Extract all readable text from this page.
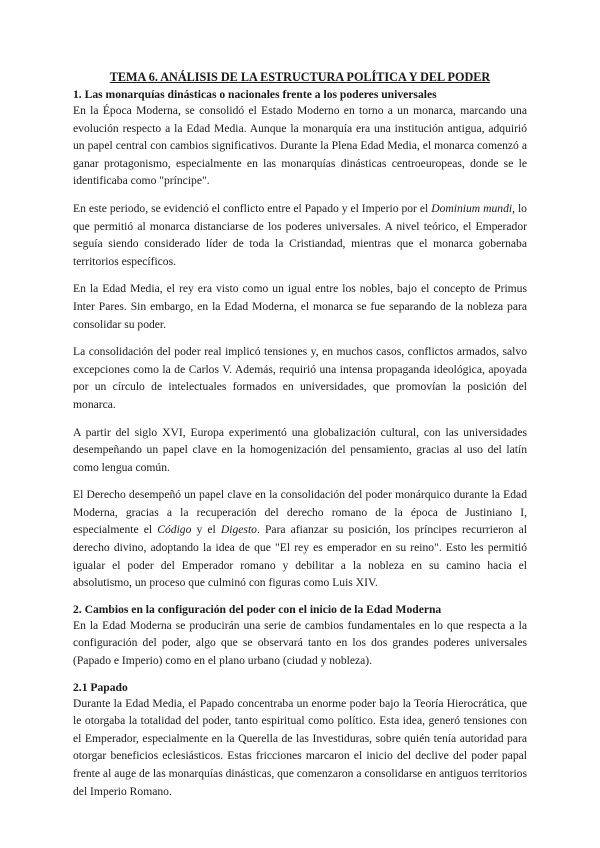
TEMA 6. ANÁLISIS DE LA ESTRUCTURA POLÍTICA Y DEL PODER
1. Las monarquías dinásticas o nacionales frente a los poderes universales

En la Época Moderna, se consolidó el Estado Moderno en torno a un monarca, marcando una evolución respecto a la Edad Media. Aunque la monarquía era una institución antigua, adquirió un papel central con cambios significativos. Durante la Plena Edad Media, el monarca comenzó a ganar protagonismo, especialmente en las monarquías dinásticas centroeuropeas, donde se le identificaba como "príncipe".

En este periodo, se evidenció el conflicto entre el Papado y el Imperio por el Dominium mundi, lo que permitió al monarca distanciarse de los poderes universales. A nivel teórico, el Emperador seguía siendo considerado líder de toda la Cristiandad, mientras que el monarca gobernaba territorios específicos.

En la Edad Media, el rey era visto como un igual entre los nobles, bajo el concepto de Primus Inter Pares. Sin embargo, en la Edad Moderna, el monarca se fue separando de la nobleza para consolidar su poder.

La consolidación del poder real implicó tensiones y, en muchos casos, conflictos armados, salvo excepciones como la de Carlos V. Además, requirió una intensa propaganda ideológica, apoyada por un círculo de intelectuales formados en universidades, que promovían la posición del monarca.

A partir del siglo XVI, Europa experimentó una globalización cultural, con las universidades desempeñando un papel clave en la homogenización del pensamiento, gracias al uso del latín como lengua común.

El Derecho desempeñó un papel clave en la consolidación del poder monárquico durante la Edad Moderna, gracias a la recuperación del derecho romano de la época de Justiniano I, especialmente el Código y el Digesto. Para afianzar su posición, los príncipes recurrieron al derecho divino, adoptando la idea de que "El rey es emperador en su reino". Esto les permitió igualar el poder del Emperador romano y debilitar a la nobleza en su camino hacia el absolutismo, un proceso que culminó con figuras como Luis XIV.

2. Cambios en la configuración del poder con el inicio de la Edad Moderna

En la Edad Moderna se producirán una serie de cambios fundamentales en lo que respecta a la configuración del poder, algo que se observará tanto en los dos grandes poderes universales (Papado e Imperio) como en el plano urbano (ciudad y nobleza).

2.1 Papado

Durante la Edad Media, el Papado concentraba un enorme poder bajo la Teoría Hierocrática, que le otorgaba la totalidad del poder, tanto espiritual como político. Esta idea, generó tensiones con el Emperador, especialmente en la Querella de las Investiduras, sobre quién tenía autoridad para otorgar beneficios eclesiásticos. Estas fricciones marcaron el inicio del declive del poder papal frente al auge de las monarquías dinásticas, que comenzaron a consolidarse en antiguos territorios del Imperio Romano.
